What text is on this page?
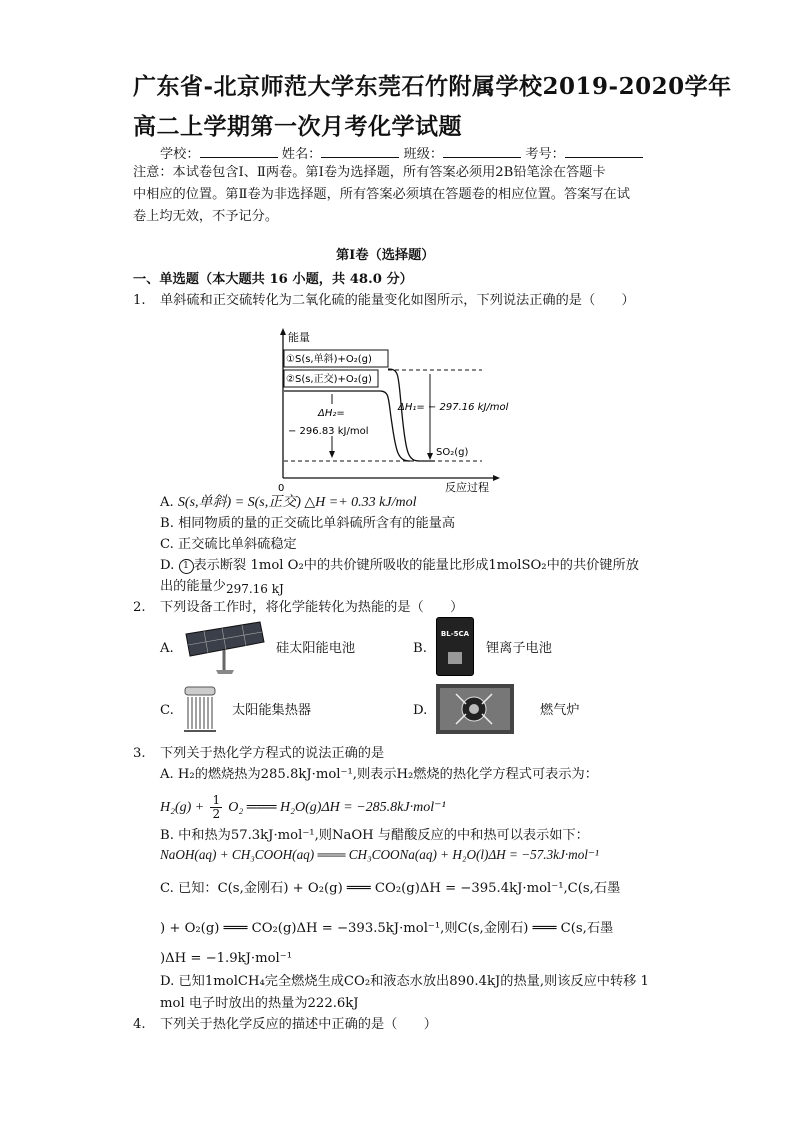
广东省-北京师范大学东莞石竹附属学校2019-2020学年
高二上学期第一次月考化学试题
学校：	姓名：	班级：	考号：
注意：本试卷包含Ⅰ、Ⅱ两卷。第Ⅰ卷为选择题，所有答案必须用2B铅笔涂在答题卡
中相应的位置。第Ⅱ卷为非选择题，所有答案必须填在答题卷的相应位置。答案写在试
卷上均无效，不予记分。
第Ⅰ卷（选择题）
一、单选题（本大题共 16 小题，共 48.0 分）
1. 单斜硫和正交硫转化为二氧化硫的能量变化如图所示，下列说法正确的是（　　）
能量
①S(s,单斜)+O₂(g)
②S(s,正交)+O₂(g)
ΔH₂=
− 296.83 kJ/mol
ΔH₁= − 297.16 kJ/mol
SO₂(g)
0	反应过程
A. S(s,单斜) = S(s,正交) △H =+ 0.33 kJ/mol
B. 相同物质的量的正交硫比单斜硫所含有的能量高
C. 正交硫比单斜硫稳定
D. 1 表示断裂 1mol O₂中的共价键所吸收的能量比形成1molSO₂中的共价键所放
出的能量少297.16 kJ
2. 下列设备工作时，将化学能转化为热能的是（　　）
A.	硅太阳能电池	B.
BL-5CA
锂离子电池
C.	太阳能集热器	D.	燃气炉
3. 下列关于热化学方程式的说法正确的是
A. H₂的燃烧热为285.8kJ·mol⁻¹,则表示H₂燃烧的热化学方程式可表示为：
$H_2(g) + \frac{1}{2} O_2$ ═══ H₂O(g)ΔH = −285.8kJ·mol⁻¹
B. 中和热为57.3kJ·mol⁻¹,则NaOH 与醋酸反应的中和热可以表示如下：
NaOH(aq) + CH₃COOH(aq) ═══ CH₃COONa(aq) + H₂O(l)ΔH = −57.3kJ·mol⁻¹
C. 已知：C(s,金刚石) + O₂(g) ═══ CO₂(g)ΔH = −395.4kJ·mol⁻¹,C(s,石墨
) + O₂(g) ═══ CO₂(g)ΔH = −393.5kJ·mol⁻¹,则C(s,金刚石) ═══ C(s,石墨
)ΔH = −1.9kJ·mol⁻¹
D. 已知1molCH₄完全燃烧生成CO₂和液态水放出890.4kJ的热量,则该反应中转移 1
mol 电子时放出的热量为222.6kJ
4. 下列关于热化学反应的描述中正确的是（　　）
